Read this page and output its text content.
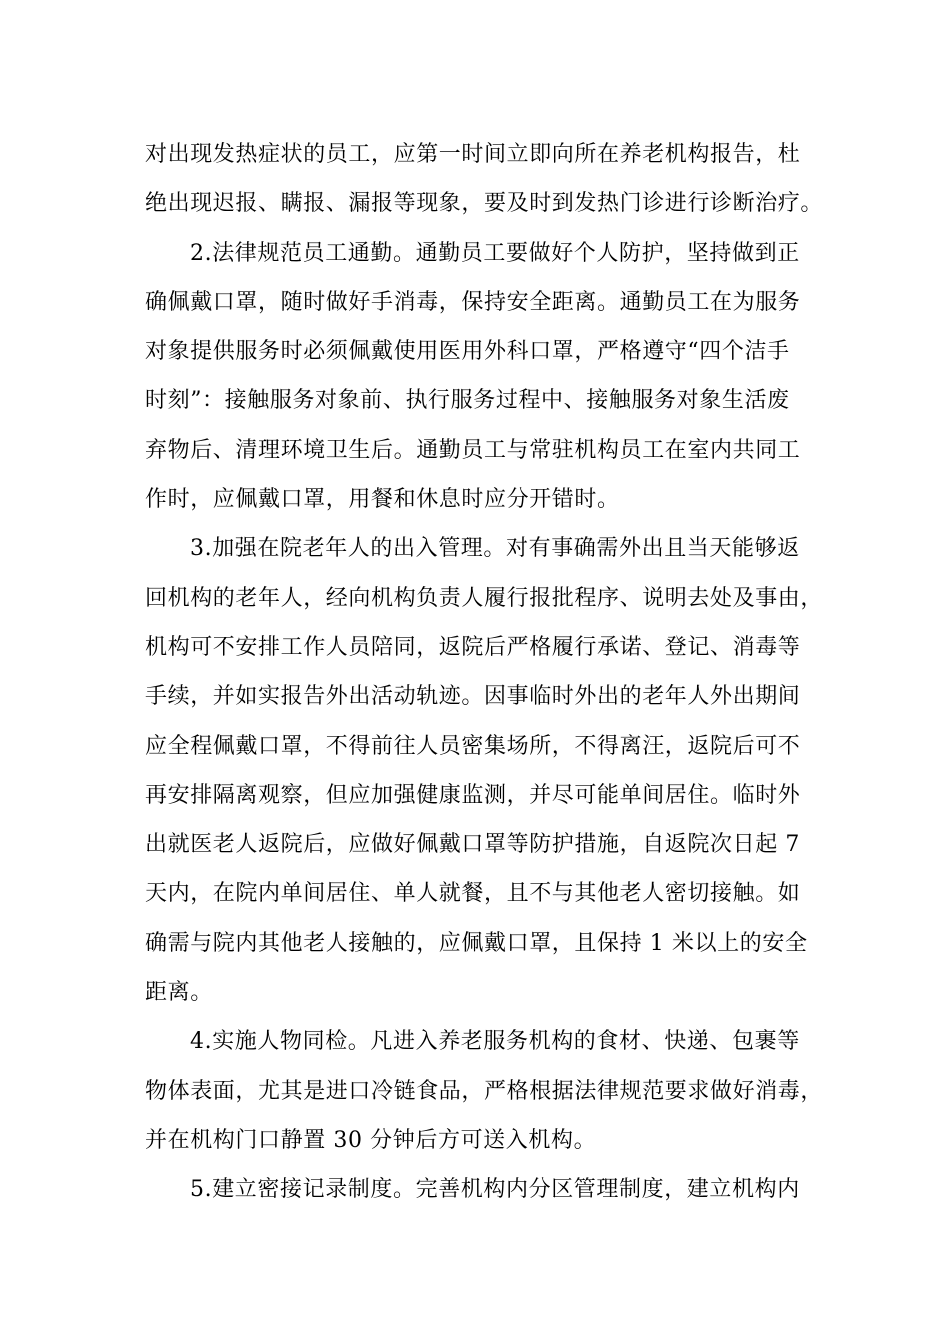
对出现发热症状的员工，应第一时间立即向所在养老机构报告，杜
绝出现迟报、瞒报、漏报等现象，要及时到发热门诊进行诊断治疗。
2.法律规范员工通勤。通勤员工要做好个人防护，坚持做到正
确佩戴口罩，随时做好手消毒，保持安全距离。通勤员工在为服务
对象提供服务时必须佩戴使用医用外科口罩，严格遵守“四个洁手
时刻”：接触服务对象前、执行服务过程中、接触服务对象生活废
弃物后、清理环境卫生后。通勤员工与常驻机构员工在室内共同工
作时，应佩戴口罩，用餐和休息时应分开错时。
3.加强在院老年人的出入管理。对有事确需外出且当天能够返
回机构的老年人，经向机构负责人履行报批程序、说明去处及事由，
机构可不安排工作人员陪同，返院后严格履行承诺、登记、消毒等
手续，并如实报告外出活动轨迹。因事临时外出的老年人外出期间
应全程佩戴口罩，不得前往人员密集场所，不得离汪，返院后可不
再安排隔离观察，但应加强健康监测，并尽可能单间居住。临时外
出就医老人返院后，应做好佩戴口罩等防护措施，自返院次日起 7
天内，在院内单间居住、单人就餐，且不与其他老人密切接触。如
确需与院内其他老人接触的，应佩戴口罩，且保持 1 米以上的安全
距离。
4.实施人物同检。凡进入养老服务机构的食材、快递、包裹等
物体表面，尤其是进口冷链食品，严格根据法律规范要求做好消毒，
并在机构门口静置 30 分钟后方可送入机构。
5.建立密接记录制度。完善机构内分区管理制度，建立机构内
